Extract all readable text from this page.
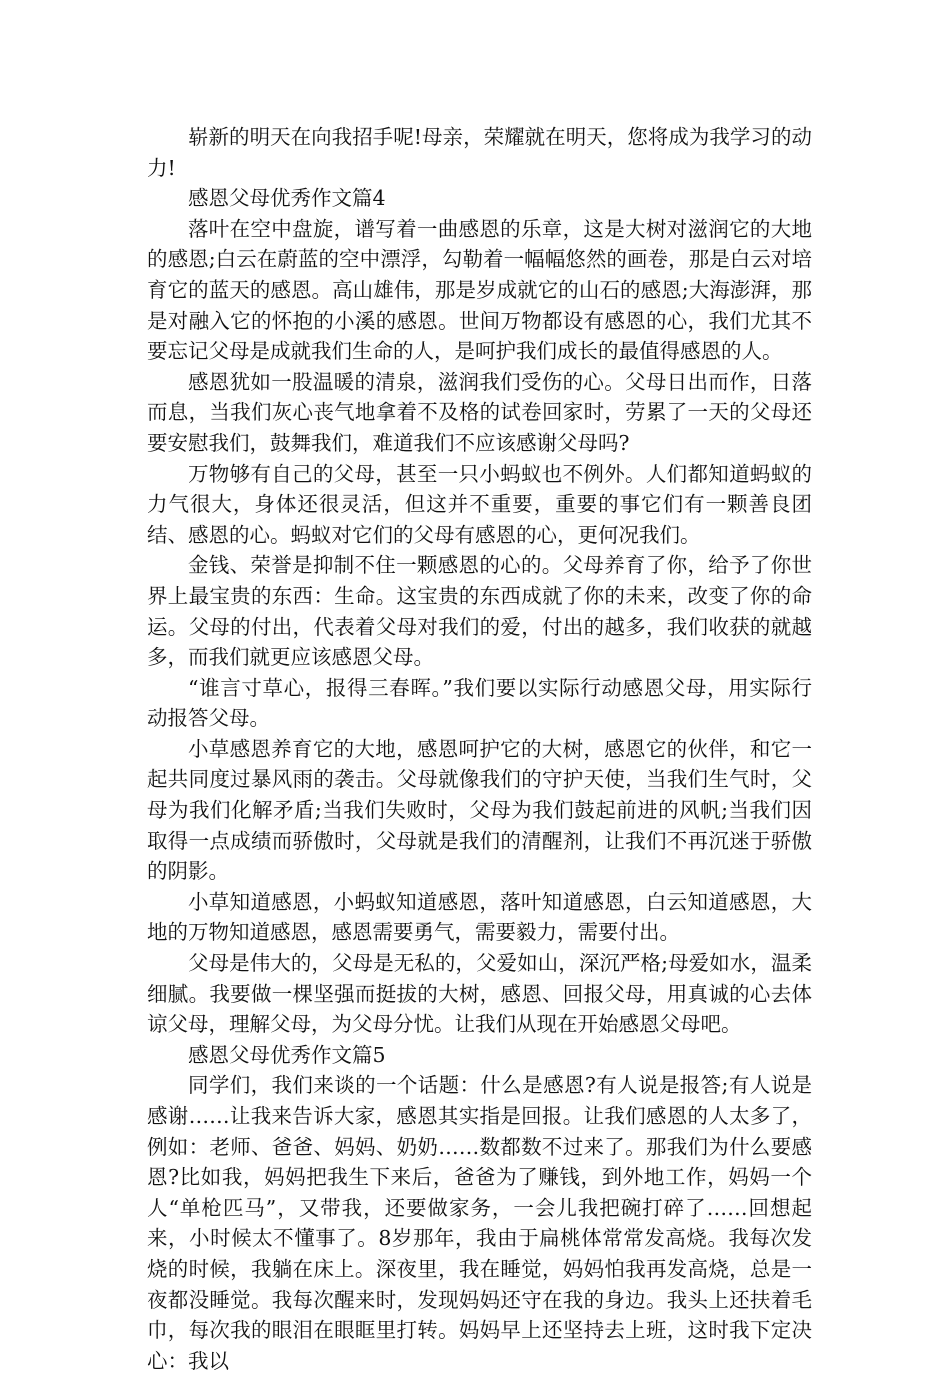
崭新的明天在向我招手呢!母亲，荣耀就在明天，您将成为我学习的动力!

感恩父母优秀作文篇4

落叶在空中盘旋，谱写着一曲感恩的乐章，这是大树对滋润它的大地的感恩;白云在蔚蓝的空中漂浮，勾勒着一幅幅悠然的画卷，那是白云对培育它的蓝天的感恩。高山雄伟，那是岁成就它的山石的感恩;大海澎湃，那是对融入它的怀抱的小溪的感恩。世间万物都设有感恩的心，我们尤其不要忘记父母是成就我们生命的人，是呵护我们成长的最值得感恩的人。

感恩犹如一股温暖的清泉，滋润我们受伤的心。父母日出而作，日落而息，当我们灰心丧气地拿着不及格的试卷回家时，劳累了一天的父母还要安慰我们，鼓舞我们，难道我们不应该感谢父母吗?

万物够有自己的父母，甚至一只小蚂蚁也不例外。人们都知道蚂蚁的力气很大，身体还很灵活，但这并不重要，重要的事它们有一颗善良团结、感恩的心。蚂蚁对它们的父母有感恩的心，更何况我们。

金钱、荣誉是抑制不住一颗感恩的心的。父母养育了你，给予了你世界上最宝贵的东西：生命。这宝贵的东西成就了你的未来，改变了你的命运。父母的付出，代表着父母对我们的爱，付出的越多，我们收获的就越多，而我们就更应该感恩父母。

“谁言寸草心，报得三春晖。”我们要以实际行动感恩父母，用实际行动报答父母。

小草感恩养育它的大地，感恩呵护它的大树，感恩它的伙伴，和它一起共同度过暴风雨的袭击。父母就像我们的守护天使，当我们生气时，父母为我们化解矛盾;当我们失败时，父母为我们鼓起前进的风帆;当我们因取得一点成绩而骄傲时，父母就是我们的清醒剂，让我们不再沉迷于骄傲的阴影。

小草知道感恩，小蚂蚁知道感恩，落叶知道感恩，白云知道感恩，大地的万物知道感恩，感恩需要勇气，需要毅力，需要付出。

父母是伟大的，父母是无私的，父爱如山，深沉严格;母爱如水，温柔细腻。我要做一棵坚强而挺拔的大树，感恩、回报父母，用真诚的心去体谅父母，理解父母，为父母分忧。让我们从现在开始感恩父母吧。

感恩父母优秀作文篇5

同学们，我们来谈的一个话题：什么是感恩?有人说是报答;有人说是感谢……让我来告诉大家，感恩其实指是回报。让我们感恩的人太多了，例如：老师、爸爸、妈妈、奶奶……数都数不过来了。那我们为什么要感恩?比如我，妈妈把我生下来后，爸爸为了赚钱，到外地工作，妈妈一个人“单枪匹马”，又带我，还要做家务，一会儿我把碗打碎了……回想起来，小时候太不懂事了。8岁那年，我由于扁桃体常常发高烧。我每次发烧的时候，我躺在床上。深夜里，我在睡觉，妈妈怕我再发高烧，总是一夜都没睡觉。我每次醒来时，发现妈妈还守在我的身边。我头上还扶着毛巾，每次我的眼泪在眼眶里打转。妈妈早上还坚持去上班，这时我下定决心：我以
